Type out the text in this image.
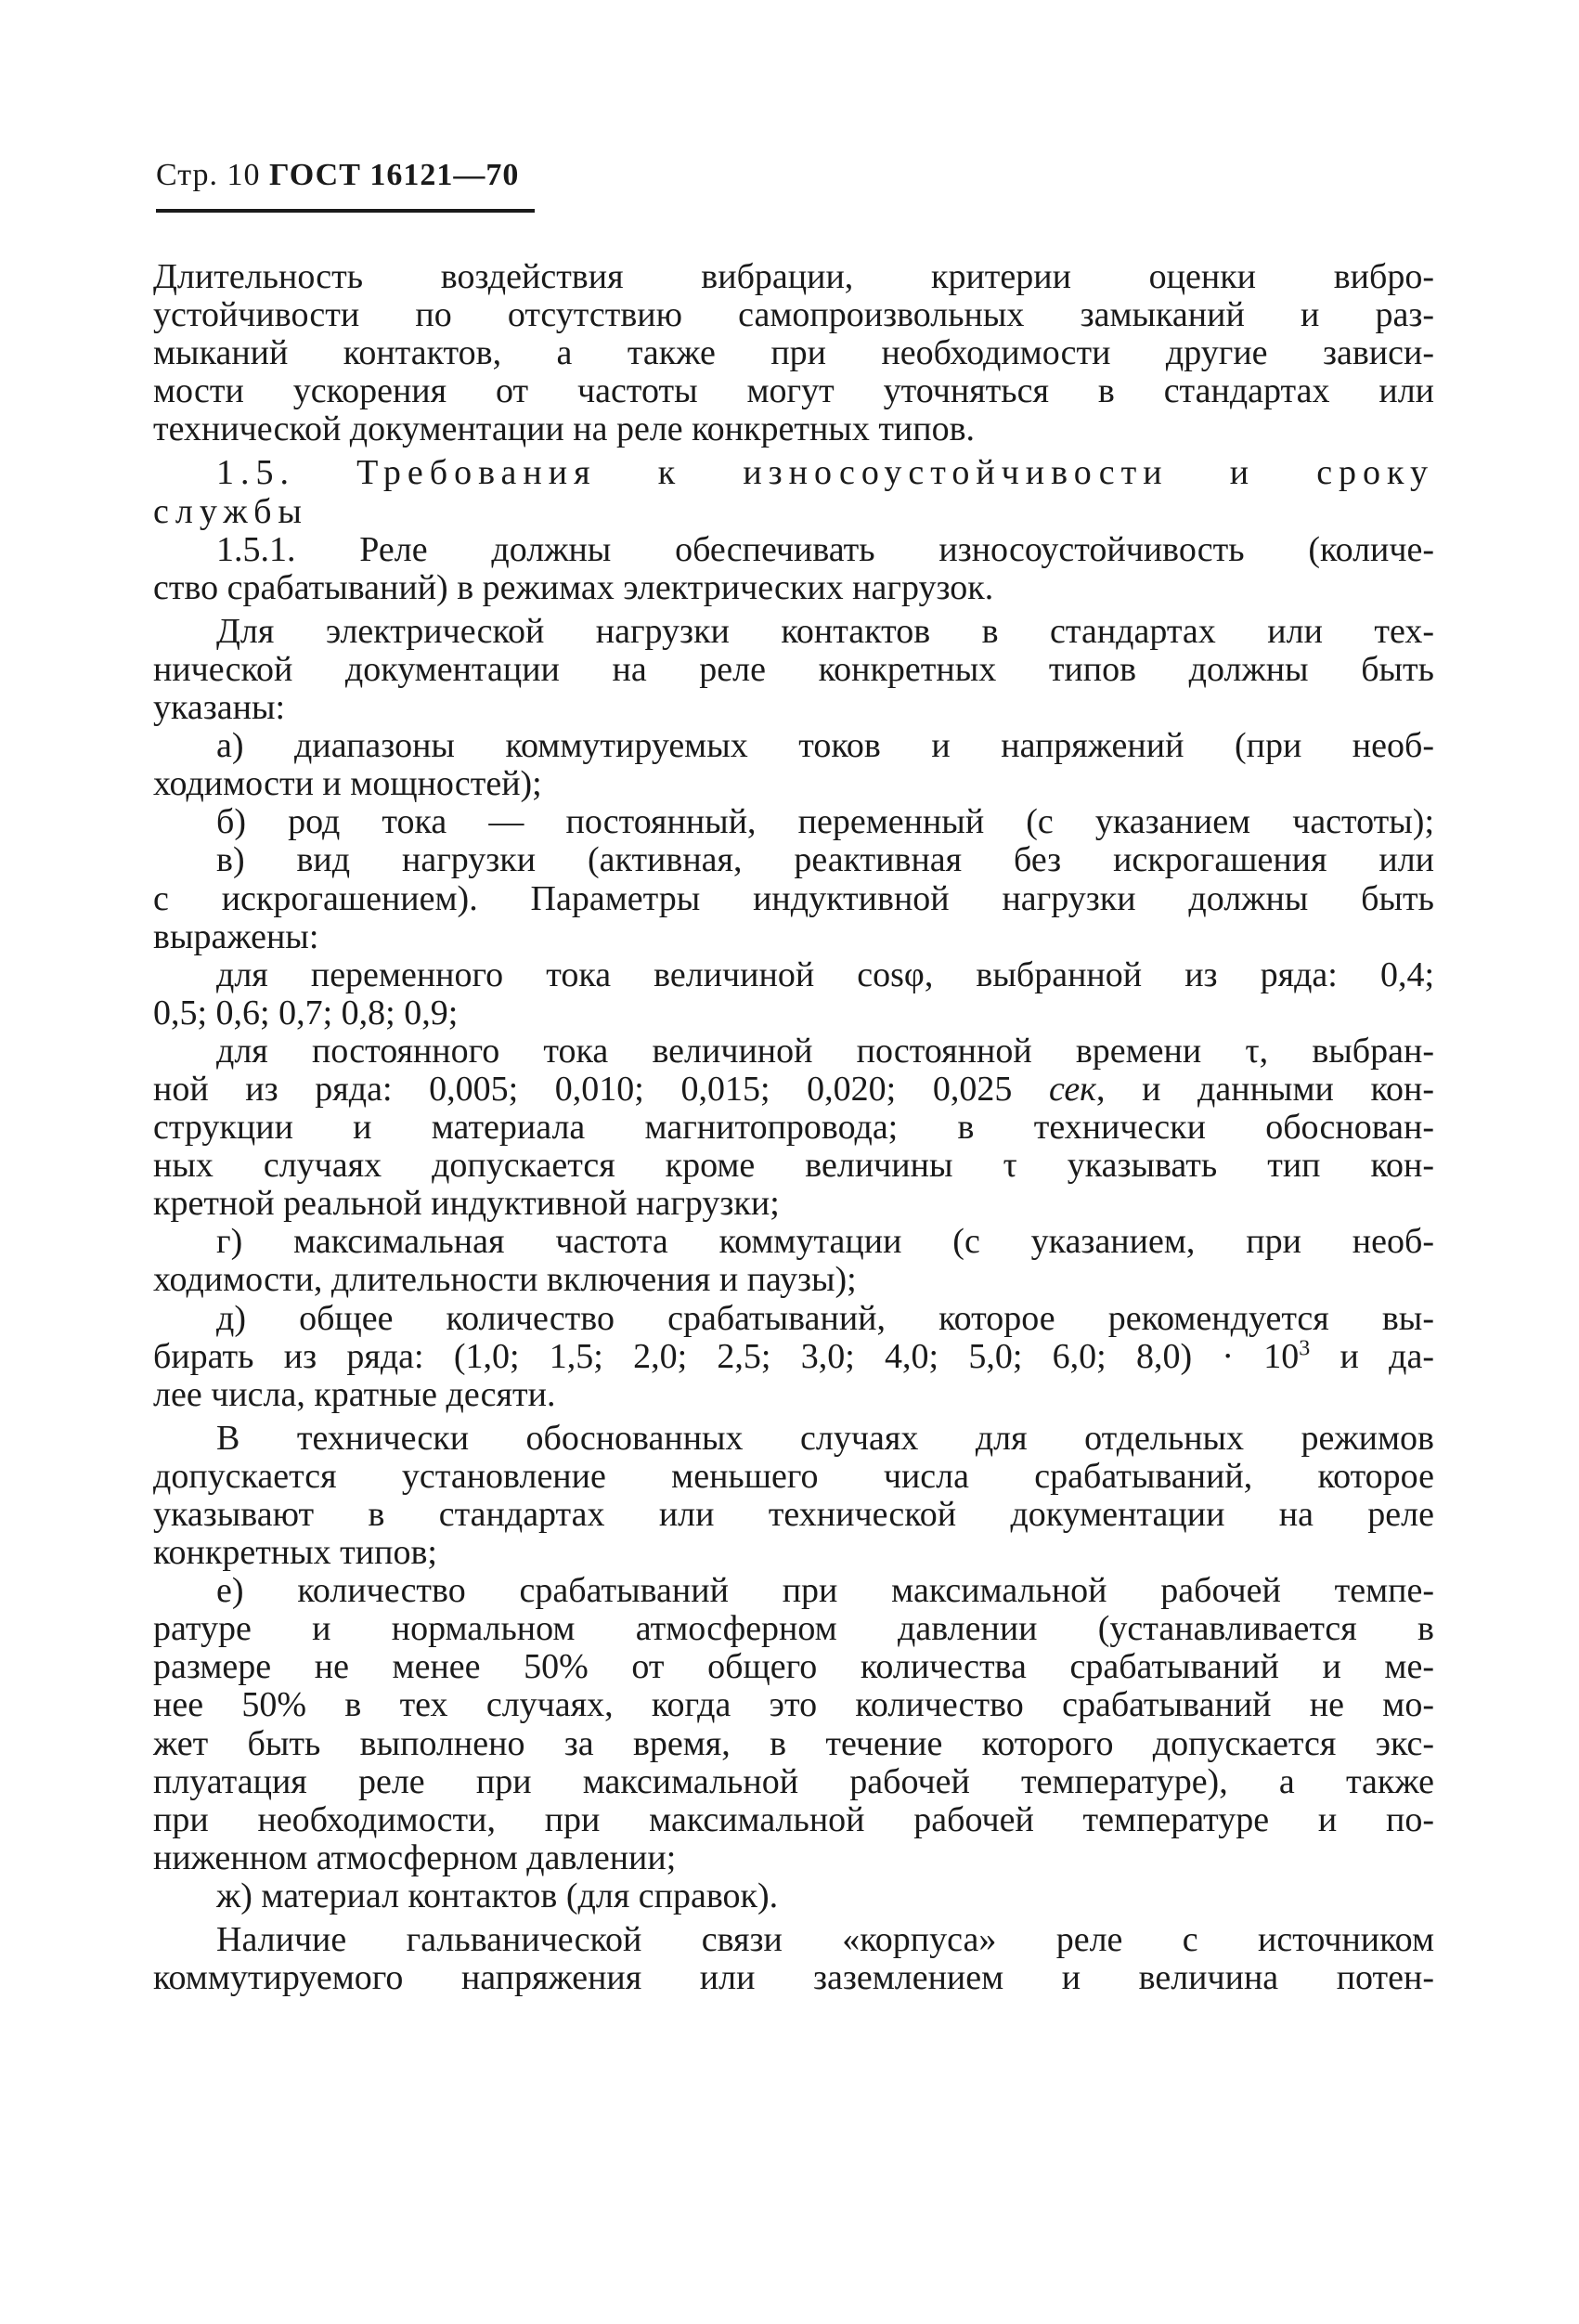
Стр. 10 ГОСТ 16121—70
Длительность воздействия вибрации, критерии оценки вибро-
устойчивости по отсутствию самопроизвольных замыканий и раз-
мыканий контактов, а также при необходимости другие зависи-
мости ускорения от частоты могут уточняться в стандартах или
технической документации на реле конкретных типов.
1.5. Требования к износоустойчивости и сроку
службы
1.5.1. Реле должны обеспечивать износоустойчивость (количе-
ство срабатываний) в режимах электрических нагрузок.
Для электрической нагрузки контактов в стандартах или тех-
нической документации на реле конкретных типов должны быть
указаны:
а) диапазоны коммутируемых токов и напряжений (при необ-
ходимости и мощностей);
б) род тока — постоянный, переменный (с указанием частоты);
в) вид нагрузки (активная, реактивная без искрогашения или
с искрогашением). Параметры индуктивной нагрузки должны быть
выражены:
для переменного тока величиной cosφ, выбранной из ряда: 0,4;
0,5; 0,6; 0,7; 0,8; 0,9;
для постоянного тока величиной постоянной времени τ, выбран-
ной из ряда: 0,005; 0,010; 0,015; 0,020; 0,025 сек, и данными кон-
струкции и материала магнитопровода; в технически обоснован-
ных случаях допускается кроме величины τ указывать тип кон-
кретной реальной индуктивной нагрузки;
г) максимальная частота коммутации (с указанием, при необ-
ходимости, длительности включения и паузы);
д) общее количество срабатываний, которое рекомендуется вы-
бирать из ряда: (1,0; 1,5; 2,0; 2,5; 3,0; 4,0; 5,0; 6,0; $8,0) \cdot 10^3$ и да-
лее числа, кратные десяти.
В технически обоснованных случаях для отдельных режимов
допускается установление меньшего числа срабатываний, которое
указывают в стандартах или технической документации на реле
конкретных типов;
е) количество срабатываний при максимальной рабочей темпе-
ратуре и нормальном атмосферном давлении (устанавливается в
размере не менее 50% от общего количества срабатываний и ме-
нее 50% в тех случаях, когда это количество срабатываний не мо-
жет быть выполнено за время, в течение которого допускается экс-
плуатация реле при максимальной рабочей температуре), а также
при необходимости, при максимальной рабочей температуре и по-
ниженном атмосферном давлении;
ж) материал контактов (для справок).
Наличие гальванической связи «корпуса» реле с источником
коммутируемого напряжения или заземлением и величина потен-
